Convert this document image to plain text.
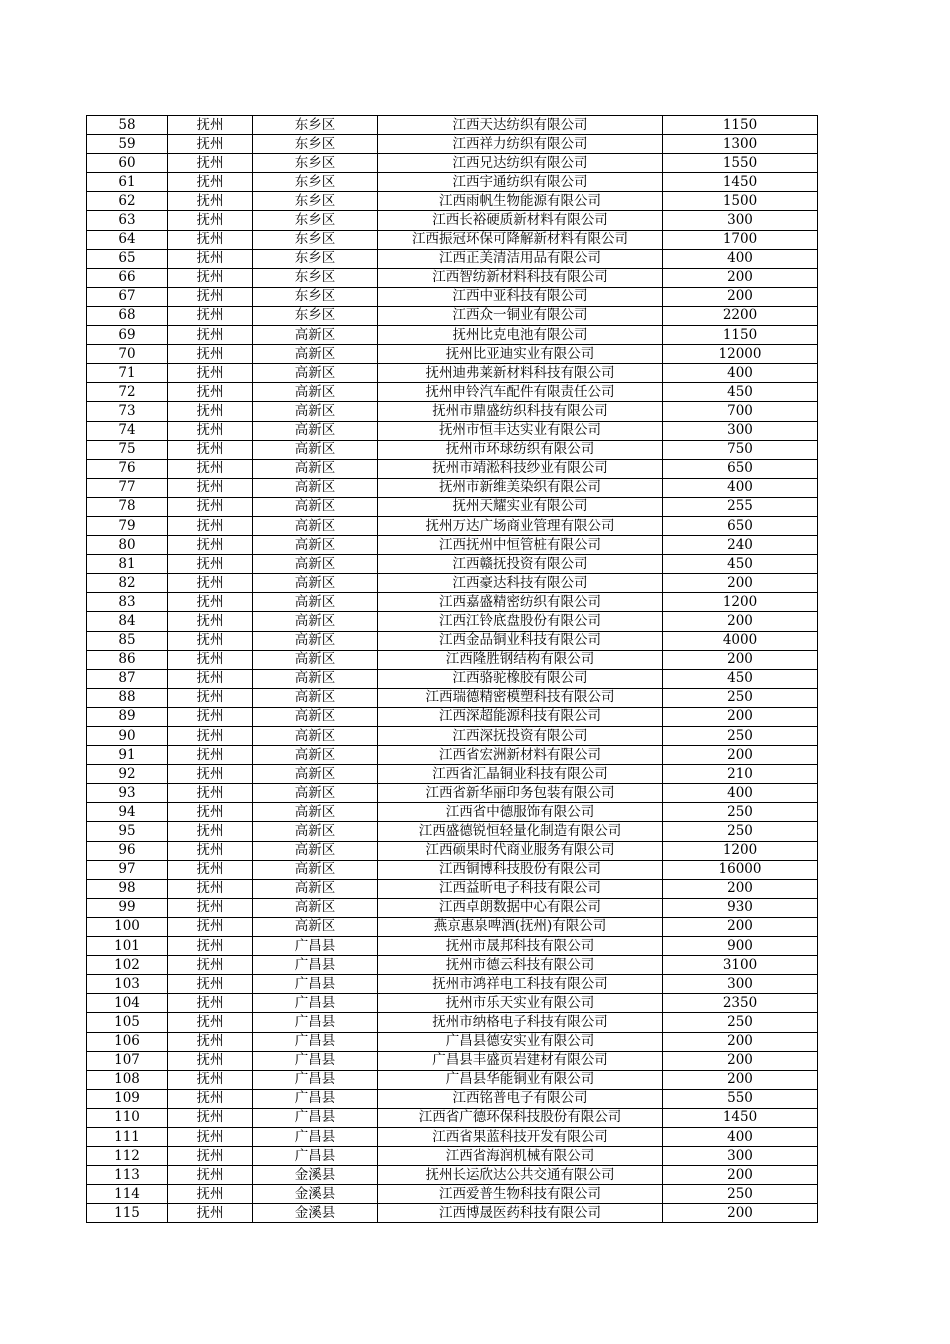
58	抚州	东乡区	江西天达纺织有限公司	1150
59	抚州	东乡区	江西祥力纺织有限公司	1300
60	抚州	东乡区	江西兄达纺织有限公司	1550
61	抚州	东乡区	江西宇通纺织有限公司	1450
62	抚州	东乡区	江西雨帆生物能源有限公司	1500
63	抚州	东乡区	江西长裕硬质新材料有限公司	300
64	抚州	东乡区	江西振冠环保可降解新材料有限公司	1700
65	抚州	东乡区	江西正美清洁用品有限公司	400
66	抚州	东乡区	江西智纺新材料科技有限公司	200
67	抚州	东乡区	江西中亚科技有限公司	200
68	抚州	东乡区	江西众一铜业有限公司	2200
69	抚州	高新区	抚州比克电池有限公司	1150
70	抚州	高新区	抚州比亚迪实业有限公司	12000
71	抚州	高新区	抚州迪弗莱新材料科技有限公司	400
72	抚州	高新区	抚州申铃汽车配件有限责任公司	450
73	抚州	高新区	抚州市鼎盛纺织科技有限公司	700
74	抚州	高新区	抚州市恒丰达实业有限公司	300
75	抚州	高新区	抚州市环球纺织有限公司	750
76	抚州	高新区	抚州市靖淞科技纱业有限公司	650
77	抚州	高新区	抚州市新维美染织有限公司	400
78	抚州	高新区	抚州天耀实业有限公司	255
79	抚州	高新区	抚州万达广场商业管理有限公司	650
80	抚州	高新区	江西抚州中恒管桩有限公司	240
81	抚州	高新区	江西赣抚投资有限公司	450
82	抚州	高新区	江西豪达科技有限公司	200
83	抚州	高新区	江西嘉盛精密纺织有限公司	1200
84	抚州	高新区	江西江铃底盘股份有限公司	200
85	抚州	高新区	江西金品铜业科技有限公司	4000
86	抚州	高新区	江西隆胜钢结构有限公司	200
87	抚州	高新区	江西骆驼橡胶有限公司	450
88	抚州	高新区	江西瑞德精密模塑科技有限公司	250
89	抚州	高新区	江西深超能源科技有限公司	200
90	抚州	高新区	江西深抚投资有限公司	250
91	抚州	高新区	江西省宏洲新材料有限公司	200
92	抚州	高新区	江西省汇晶铜业科技有限公司	210
93	抚州	高新区	江西省新华丽印务包装有限公司	400
94	抚州	高新区	江西省中德服饰有限公司	250
95	抚州	高新区	江西盛德锐恒轻量化制造有限公司	250
96	抚州	高新区	江西硕果时代商业服务有限公司	1200
97	抚州	高新区	江西铜博科技股份有限公司	16000
98	抚州	高新区	江西益昕电子科技有限公司	200
99	抚州	高新区	江西卓朗数据中心有限公司	930
100	抚州	高新区	燕京惠泉啤酒(抚州)有限公司	200
101	抚州	广昌县	抚州市晟邦科技有限公司	900
102	抚州	广昌县	抚州市德云科技有限公司	3100
103	抚州	广昌县	抚州市鸿祥电工科技有限公司	300
104	抚州	广昌县	抚州市乐天实业有限公司	2350
105	抚州	广昌县	抚州市纳格电子科技有限公司	250
106	抚州	广昌县	广昌县德安实业有限公司	200
107	抚州	广昌县	广昌县丰盛页岩建材有限公司	200
108	抚州	广昌县	广昌县华能铜业有限公司	200
109	抚州	广昌县	江西铭普电子有限公司	550
110	抚州	广昌县	江西省广德环保科技股份有限公司	1450
111	抚州	广昌县	江西省果蓝科技开发有限公司	400
112	抚州	广昌县	江西省海润机械有限公司	300
113	抚州	金溪县	抚州长运欣达公共交通有限公司	200
114	抚州	金溪县	江西爱普生物科技有限公司	250
115	抚州	金溪县	江西博晟医药科技有限公司	200
